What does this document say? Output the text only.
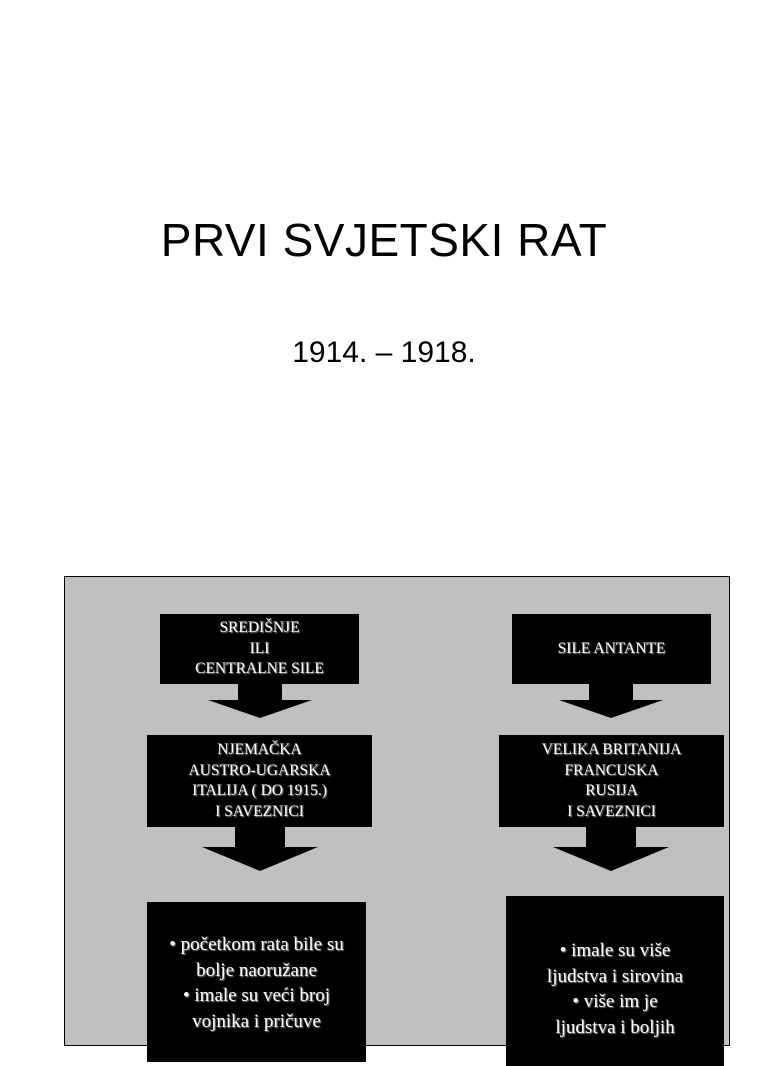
PRVI SVJETSKI RAT
1914. – 1918.
SREDIŠNJE
ILI
CENTRALNE SILE
NJEMAČKA
AUSTRO-UGARSKA
ITALIJA ( DO 1915.)
I SAVEZNICI
• početkom rata bile su
bolje naoružane
• imale su veći broj
vojnika i pričuve
SILE ANTANTE
VELIKA BRITANIJA
FRANCUSKA
RUSIJA
I SAVEZNICI
• imale su više
ljudstva i sirovina
• više im je
ljudstva i boljih
